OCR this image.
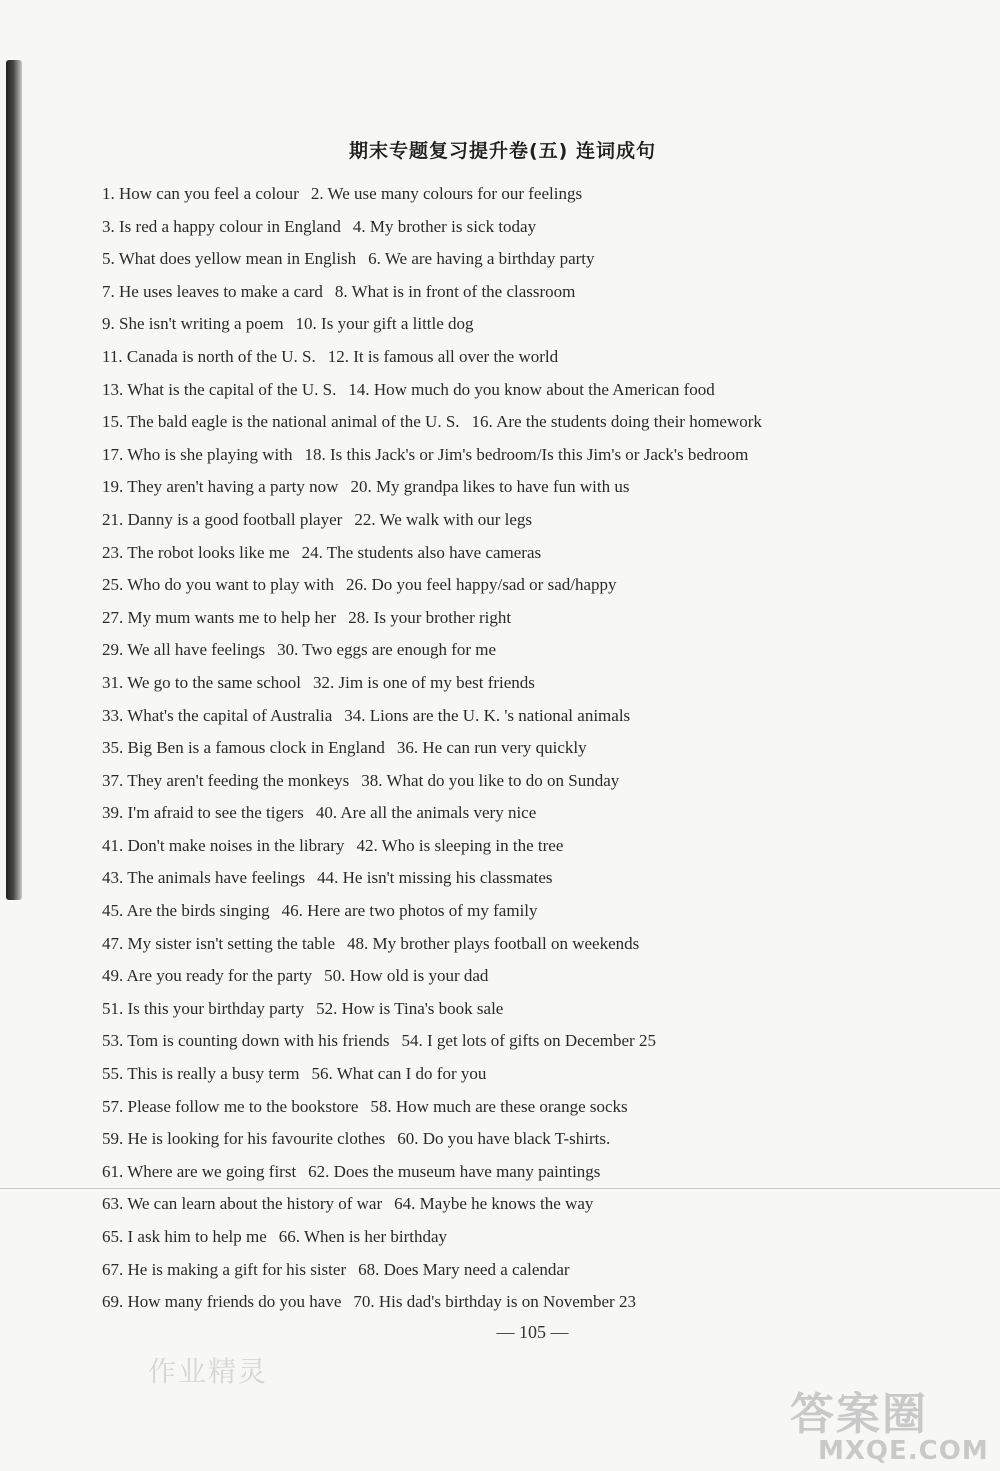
期末专题复习提升卷(五) 连词成句
1. How can you feel a colour 2. We use many colours for our feelings
3. Is red a happy colour in England 4. My brother is sick today
5. What does yellow mean in English 6. We are having a birthday party
7. He uses leaves to make a card 8. What is in front of the classroom
9. She isn't writing a poem 10. Is your gift a little dog
11. Canada is north of the U. S. 12. It is famous all over the world
13. What is the capital of the U. S. 14. How much do you know about the American food
15. The bald eagle is the national animal of the U. S. 16. Are the students doing their homework
17. Who is she playing with 18. Is this Jack's or Jim's bedroom/Is this Jim's or Jack's bedroom
19. They aren't having a party now 20. My grandpa likes to have fun with us
21. Danny is a good football player 22. We walk with our legs
23. The robot looks like me 24. The students also have cameras
25. Who do you want to play with 26. Do you feel happy/sad or sad/happy
27. My mum wants me to help her 28. Is your brother right
29. We all have feelings 30. Two eggs are enough for me
31. We go to the same school 32. Jim is one of my best friends
33. What's the capital of Australia 34. Lions are the U. K. 's national animals
35. Big Ben is a famous clock in England 36. He can run very quickly
37. They aren't feeding the monkeys 38. What do you like to do on Sunday
39. I'm afraid to see the tigers 40. Are all the animals very nice
41. Don't make noises in the library 42. Who is sleeping in the tree
43. The animals have feelings 44. He isn't missing his classmates
45. Are the birds singing 46. Here are two photos of my family
47. My sister isn't setting the table 48. My brother plays football on weekends
49. Are you ready for the party 50. How old is your dad
51. Is this your birthday party 52. How is Tina's book sale
53. Tom is counting down with his friends 54. I get lots of gifts on December 25
55. This is really a busy term 56. What can I do for you
57. Please follow me to the bookstore 58. How much are these orange socks
59. He is looking for his favourite clothes 60. Do you have black T-shirts.
61. Where are we going first 62. Does the museum have many paintings
63. We can learn about the history of war 64. Maybe he knows the way
65. I ask him to help me 66. When is her birthday
67. He is making a gift for his sister 68. Does Mary need a calendar
69. How many friends do you have 70. His dad's birthday is on November 23
— 105 —
作业精灵
答案圈
MXQE.COM
